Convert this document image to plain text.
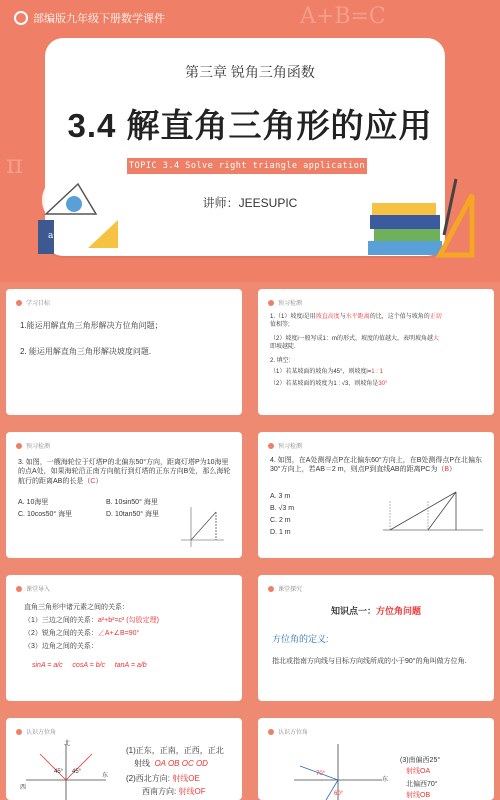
A+B=C
π
部编版九年级下册数学课件
第三章 锐角三角函数
3.4 解直角三角形的应用
TOPIC 3.4 Solve right triangle application
讲师：JEESUPIC
a²+b²=c²
学习目标
1.能运用解直角三角形解决方位角问题；
2. 能运用解直角三角形解决坡度问题.
预习检测
1.（1）坡度i是用坡直高度与水平距离的比，这个值与坡角的正切
值相等;
（2）坡度i一般写成1：m的形式，坡度的值越大，表明坡角越大
即坡越陡.
2. 填空:
（1）若某坡面的坡角为45°，则坡度i=1 : 1
（2）若某坡面的坡度为1 : √3，则坡角是30°
预习检测
3. 如图，一艘海轮位于灯塔P的北偏东50°方向，距离灯塔P为10海里的点A处，如果海轮沿正南方向航行到灯塔的正东方向B处，那么海轮航行的距离AB的长是（C）
A. 10海里	B. 10sin50° 海里
C. 10cos50° 海里	D. 10tan50° 海里
预习检测
4. 如图，在A处测得点P在北偏东60°方向上，在B处测得点P在北偏东30°方向上，若AB＝2 m，则点P到直线AB的距离PC为（B）
A. 3 m
B. √3 m
C. 2 m
D. 1 m
课堂导入
直角三角形中诸元素之间的关系：
（1）三边之间的关系：a²+b²=c² (勾股定理)
（2）锐角之间的关系：∠A+∠B=90°
（3）边角之间的关系：
sinA = a/c cosA = b/c tanA = a/b
课堂探究
知识点一：方位角问题
方位角的定义:
指北或指南方向线与目标方向线所成的小于90°的角叫做方位角.
认识方位角
北
西
东
45° 45°
(1)正东，正南，正西，正北
射线 OA OB OC OD
(2)西北方向: 射线OE
西南方向: 射线OF
认识方位角
70°
60°
东
(3)南偏西25°
射线OA
北偏西70°
射线OB
